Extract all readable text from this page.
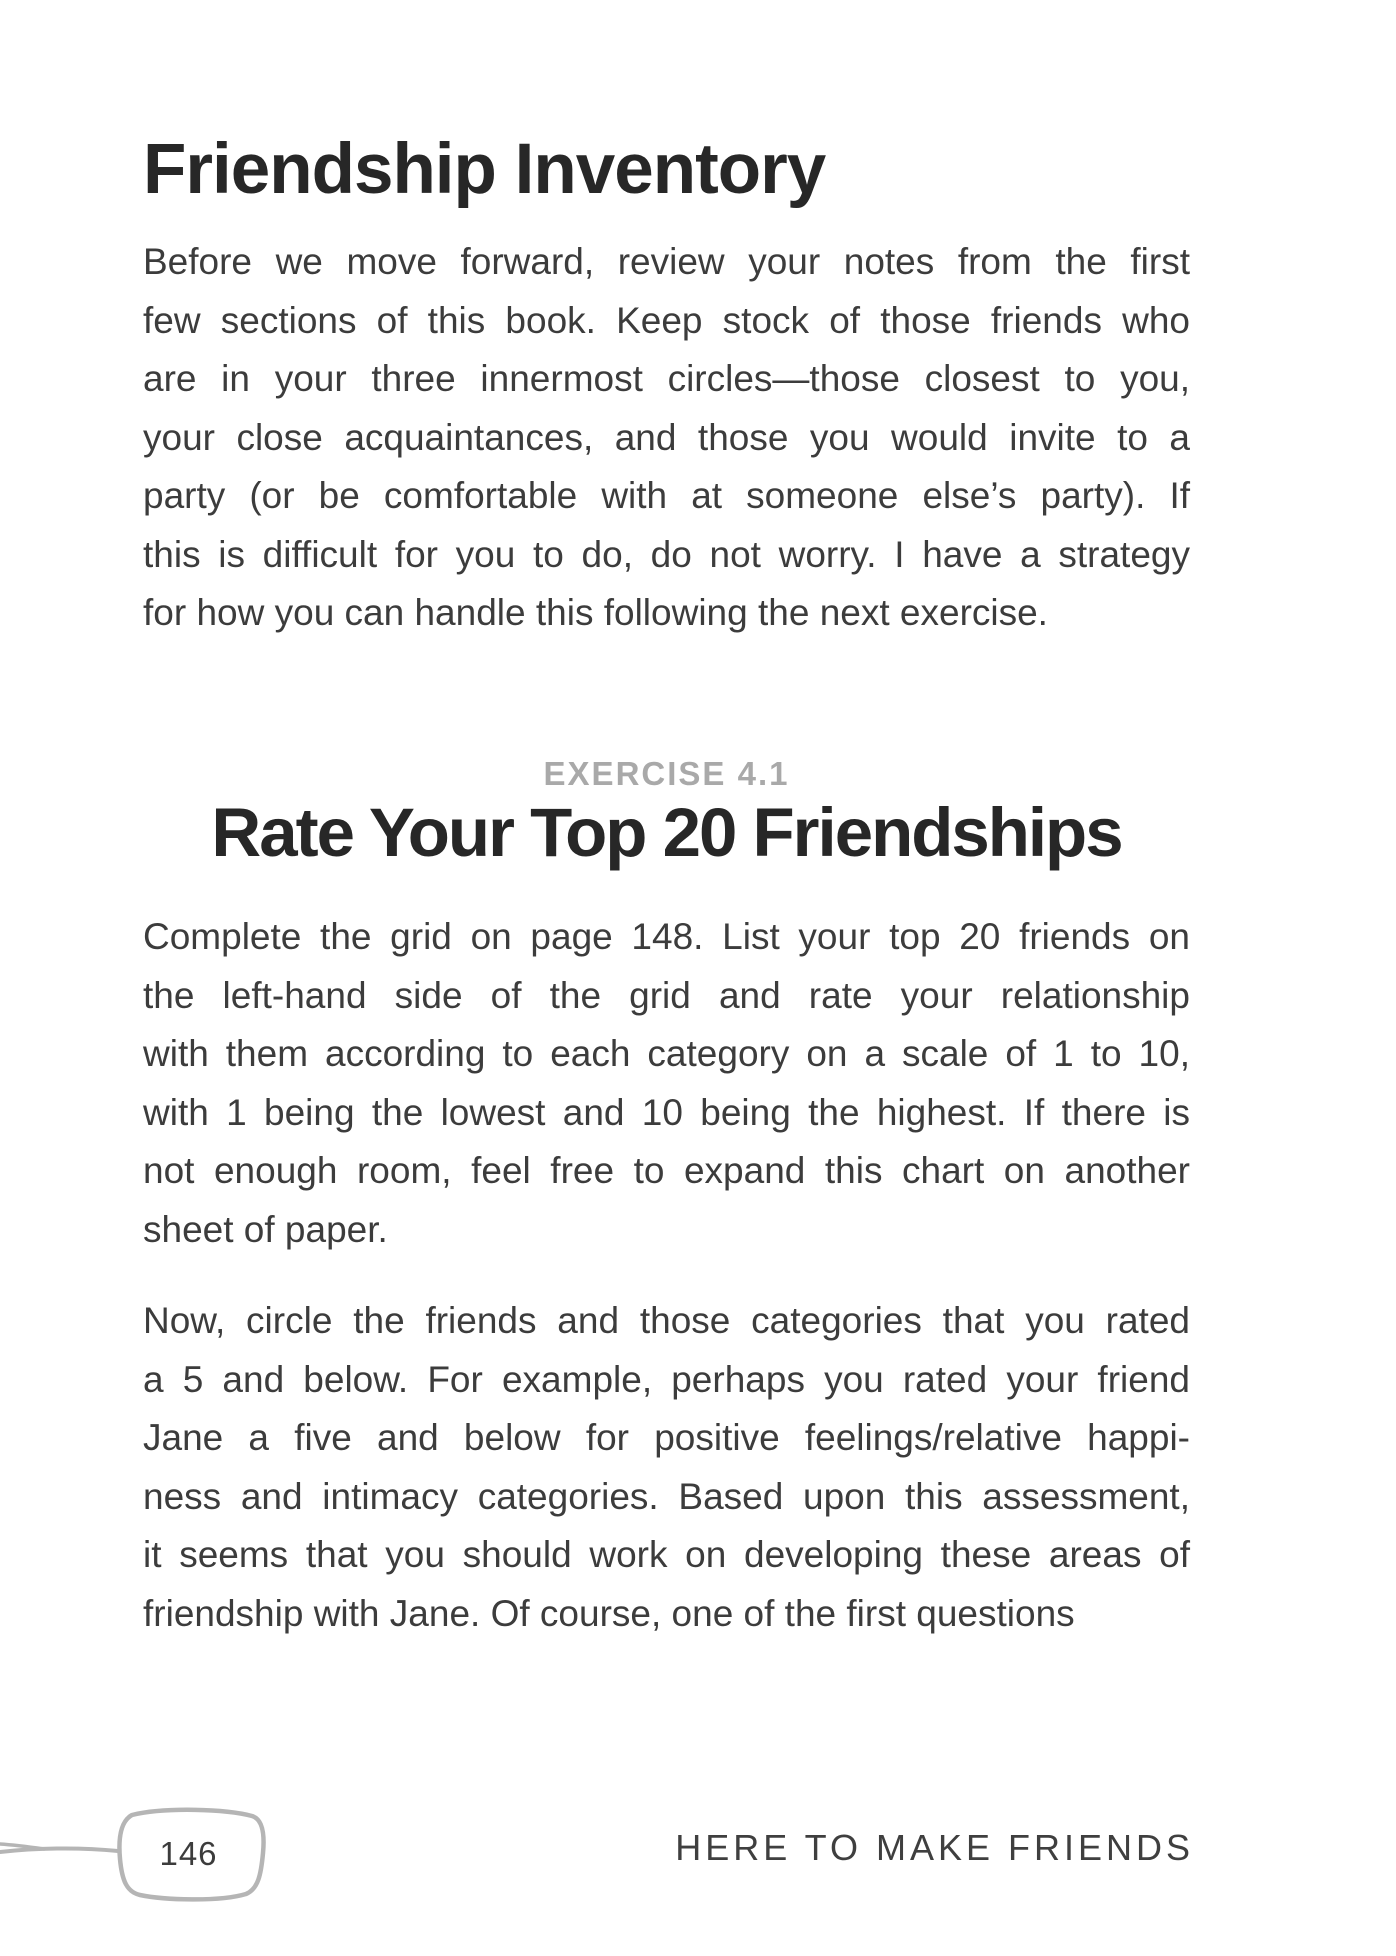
Friendship Inventory
Before we move forward, review your notes from the first
few sections of this book. Keep stock of those friends who
are in your three innermost circles—those closest to you,
your close acquaintances, and those you would invite to a
party (or be comfortable with at someone else’s party). If
this is difficult for you to do, do not worry. I have a strategy
for how you can handle this following the next exercise.
EXERCISE 4.1
Rate Your Top 20 Friendships
Complete the grid on page 148. List your top 20 friends on
the left-hand side of the grid and rate your relationship
with them according to each category on a scale of 1 to 10,
with 1 being the lowest and 10 being the highest. If there is
not enough room, feel free to expand this chart on another
sheet of paper.
Now, circle the friends and those categories that you rated
a 5 and below. For example, perhaps you rated your friend
Jane a five and below for positive feelings/relative happi-
ness and intimacy categories. Based upon this assessment,
it seems that you should work on developing these areas of
friendship with Jane. Of course, one of the first questions
146	HERE TO MAKE FRIENDS
